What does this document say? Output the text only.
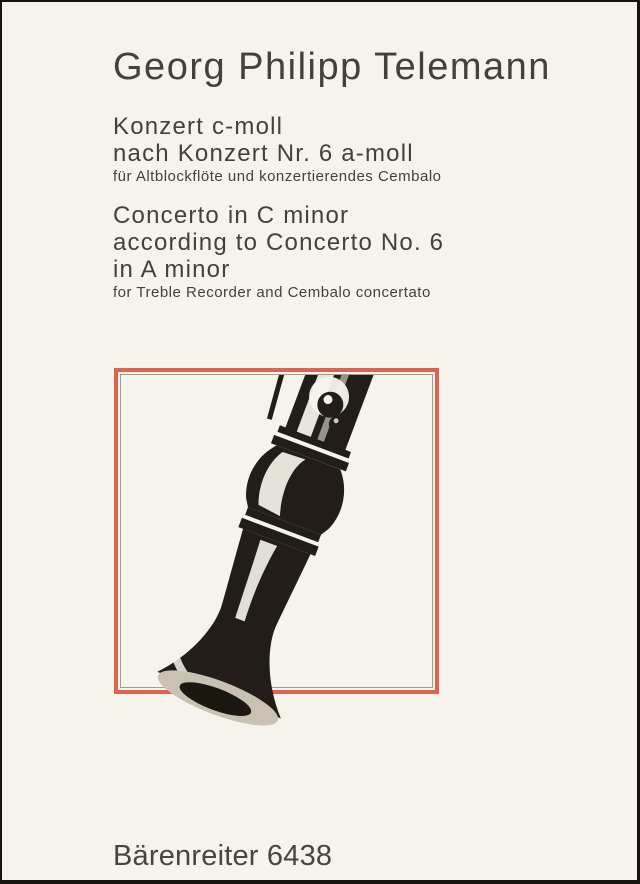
Georg Philipp Telemann
Konzert c-moll
nach Konzert Nr. 6 a-moll
für Altblockflöte und konzertierendes Cembalo
Concerto in C minor
according to Concerto No. 6
in A minor
for Treble Recorder and Cembalo concertato
Bärenreiter 6438
